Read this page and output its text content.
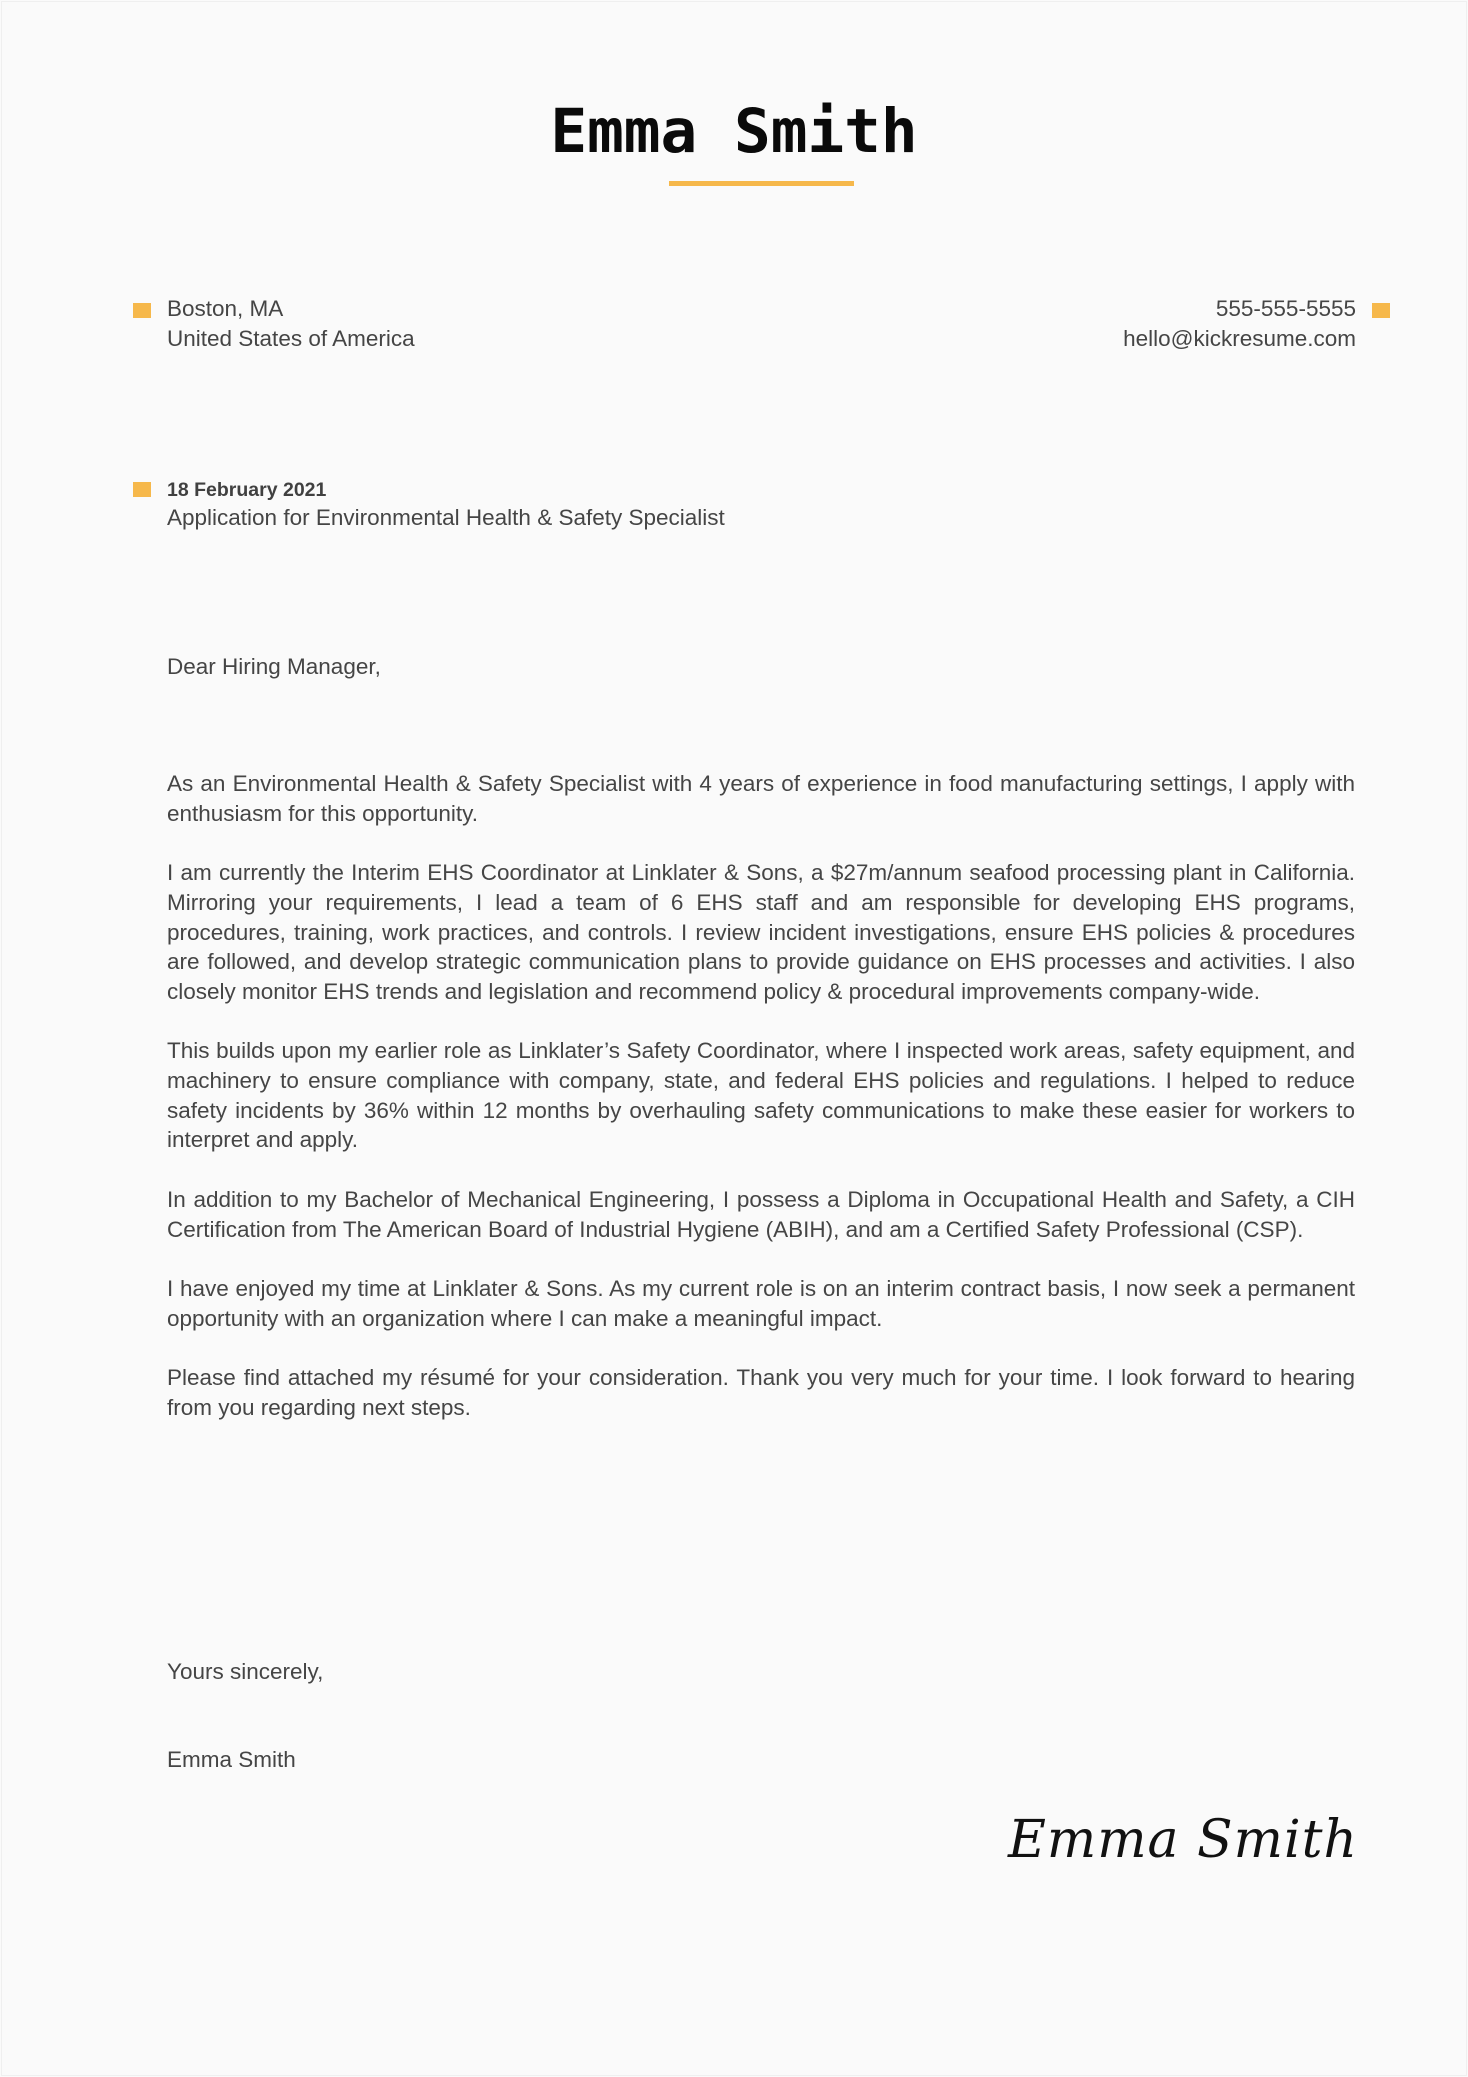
Emma Smith
Boston, MA
United States of America
555-555-5555
hello@kickresume.com
18 February 2021
Application for Environmental Health & Safety Specialist
Dear Hiring Manager,

As an Environmental Health & Safety Specialist with 4 years of experience in food manufacturing settings, I apply with enthusiasm for this opportunity.

I am currently the Interim EHS Coordinator at Linklater & Sons, a $27m/annum seafood processing plant in California. Mirroring your requirements, I lead a team of 6 EHS staff and am responsible for developing EHS programs, procedures, training, work practices, and controls. I review incident investigations, ensure EHS policies & procedures are followed, and develop strategic communication plans to provide guidance on EHS processes and activities. I also closely monitor EHS trends and legislation and recommend policy & procedural improvements company-wide.

This builds upon my earlier role as Linklater’s Safety Coordinator, where I inspected work areas, safety equipment, and machinery to ensure compliance with company, state, and federal EHS policies and regulations. I helped to reduce safety incidents by 36% within 12 months by overhauling safety communications to make these easier for workers to interpret and apply.

In addition to my Bachelor of Mechanical Engineering, I possess a Diploma in Occupational Health and Safety, a CIH Certification from The American Board of Industrial Hygiene (ABIH), and am a Certified Safety Professional (CSP).

I have enjoyed my time at Linklater & Sons. As my current role is on an interim contract basis, I now seek a permanent opportunity with an organization where I can make a meaningful impact.

Please find attached my résumé for your consideration. Thank you very much for your time. I look forward to hearing from you regarding next steps.

Yours sincerely,
Emma Smith
Emma Smith
